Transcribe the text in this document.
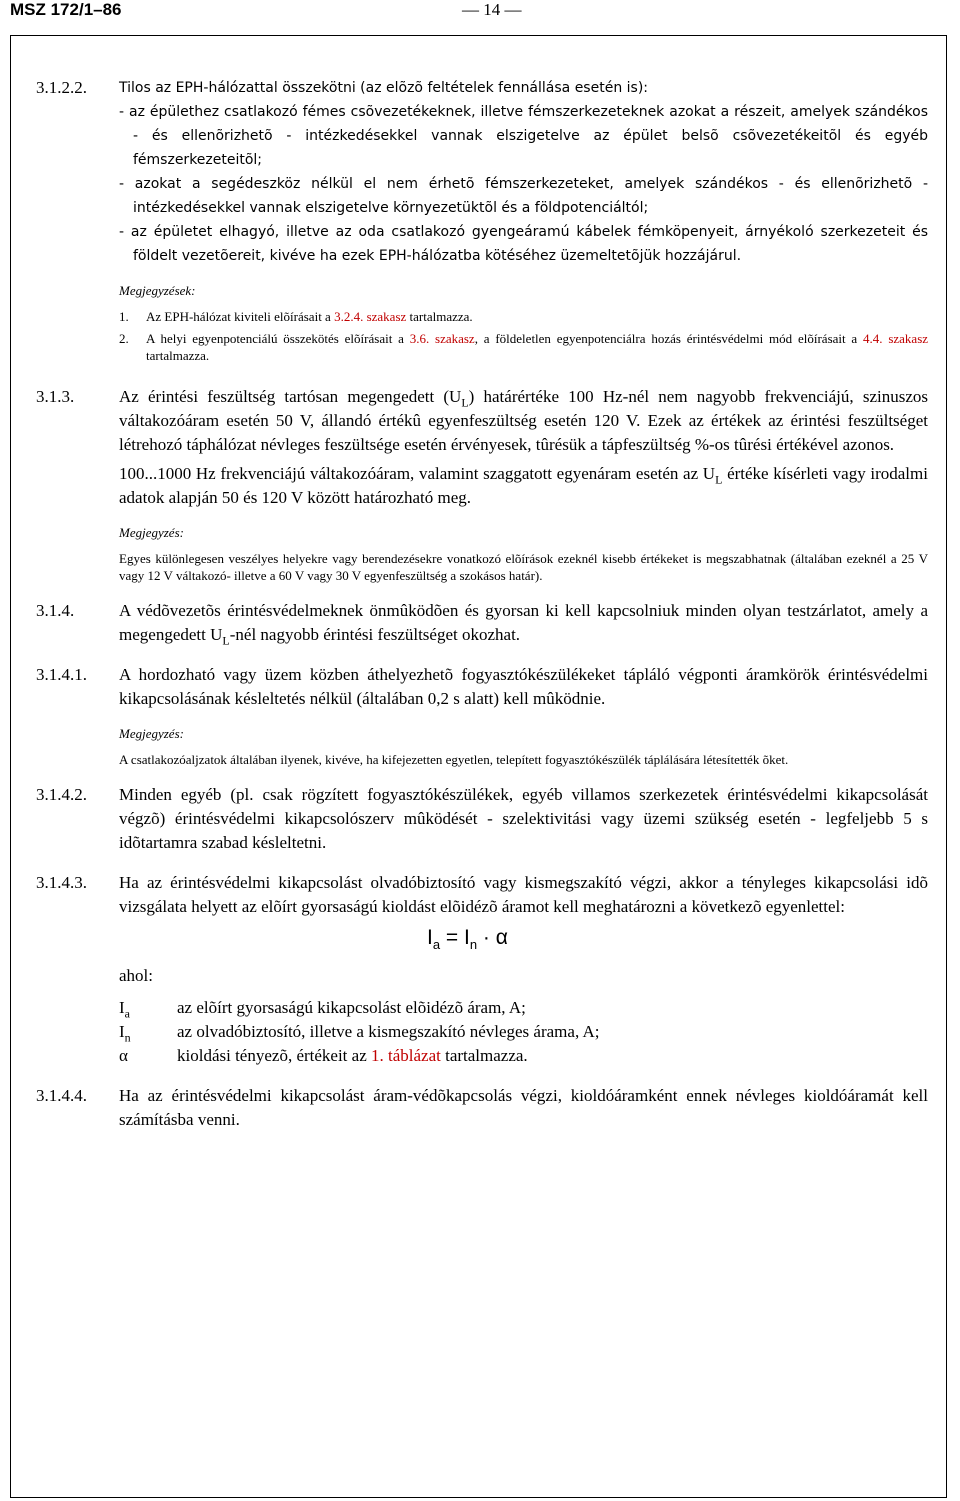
MSZ 172/1–86	— 14 —
3.1.2.2.	Tilos az EPH-hálózattal összekötni (az elõzõ feltételek fennállása esetén is):

- az épülethez csatlakozó fémes csõvezetékeknek, illetve fémszerkezeteknek azokat a részeit, amelyek szándékos - és ellenõrizhetõ - intézkedésekkel vannak elszigetelve az épület belsõ csõvezetékeitõl és egyéb fémszerkezeteitõl;

- azokat a segédeszköz nélkül el nem érhetõ fémszerkezeteket, amelyek szándékos - és ellenõrizhetõ - intézkedésekkel vannak elszigetelve környezetüktõl és a földpotenciáltól;

- az épületet elhagyó, illetve az oda csatlakozó gyengeáramú kábelek fémköpenyeit, árnyékoló szerkezeteit és földelt vezetõereit, kivéve ha ezek EPH-hálózatba kötéséhez üzemeltetõjük hozzájárul.

Megjegyzések:

1.	Az EPH-hálózat kiviteli elõírásait a 3.2.4. szakasz tartalmazza.
2.	A helyi egyenpotenciálú összekötés elõírásait a 3.6. szakasz, a földeletlen egyenpotenciálra hozás érintésvédelmi mód elõírásait a 4.4. szakasz tartalmazza.
3.1.3.	Az érintési feszültség tartósan megengedett $(U_L)$ határértéke 100 Hz-nél nem nagyobb frekvenciájú, szinuszos váltakozóáram esetén 50 V, állandó értékû egyenfeszültség esetén 120 V. Ezek az értékek az érintési feszültséget létrehozó táphálózat névleges feszültsége esetén érvényesek, tûrésük a tápfeszültség %-os tûrési értékével azonos.

100...1000 Hz frekvenciájú váltakozóáram, valamint szaggatott egyenáram esetén az $U_L$ értéke kísérleti vagy irodalmi adatok alapján 50 és 120 V között határozható meg.

Megjegyzés:

Egyes különlegesen veszélyes helyekre vagy berendezésekre vonatkozó elõírások ezeknél kisebb értékeket is megszabhatnak (általában ezeknél a 25 V vagy 12 V váltakozó- illetve a 60 V vagy 30 V egyenfeszültség a szokásos határ).

3.1.4.	A védõvezetõs érintésvédelmeknek önmûködõen és gyorsan ki kell kapcsolniuk minden olyan testzárlatot, amely a megengedett $U_L$-nél nagyobb érintési feszültséget okozhat.

3.1.4.1.	A hordozható vagy üzem közben áthelyezhetõ fogyasztókészülékeket tápláló végponti áramkörök érintésvédelmi kikapcsolásának késleltetés nélkül (általában 0,2 s alatt) kell mûködnie.

Megjegyzés:

A csatlakozóaljzatok általában ilyenek, kivéve, ha kifejezetten egyetlen, telepített fogyasztókészülék táplálására létesítették õket.

3.1.4.2.	Minden egyéb (pl. csak rögzített fogyasztókészülékek, egyéb villamos szerkezetek érintésvédelmi kikapcsolását végzõ) érintésvédelmi kikapcsolószerv mûködését - szelektivitási vagy üzemi szükség esetén - legfeljebb 5 s idõtartamra szabad késleltetni.

3.1.4.3.	Ha az érintésvédelmi kikapcsolást olvadóbiztosító vagy kismegszakító végzi, akkor a tényleges kikapcsolási idõ vizsgálata helyett az elõírt gyorsaságú kioldást elõidézõ áramot kell meghatározni a következõ egyenlettel:

$I_a = I_n \cdot \alpha$

ahol:

$I_a$	az elõírt gyorsaságú kikapcsolást elõidézõ áram, A;
$I_n$	az olvadóbiztosító, illetve a kismegszakító névleges árama, A;
α	kioldási tényezõ, értékeit az 1. táblázat tartalmazza.
3.1.4.4.	Ha az érintésvédelmi kikapcsolást áram-védõkapcsolás végzi, kioldóáramként ennek névleges kioldóáramát kell számításba venni.
